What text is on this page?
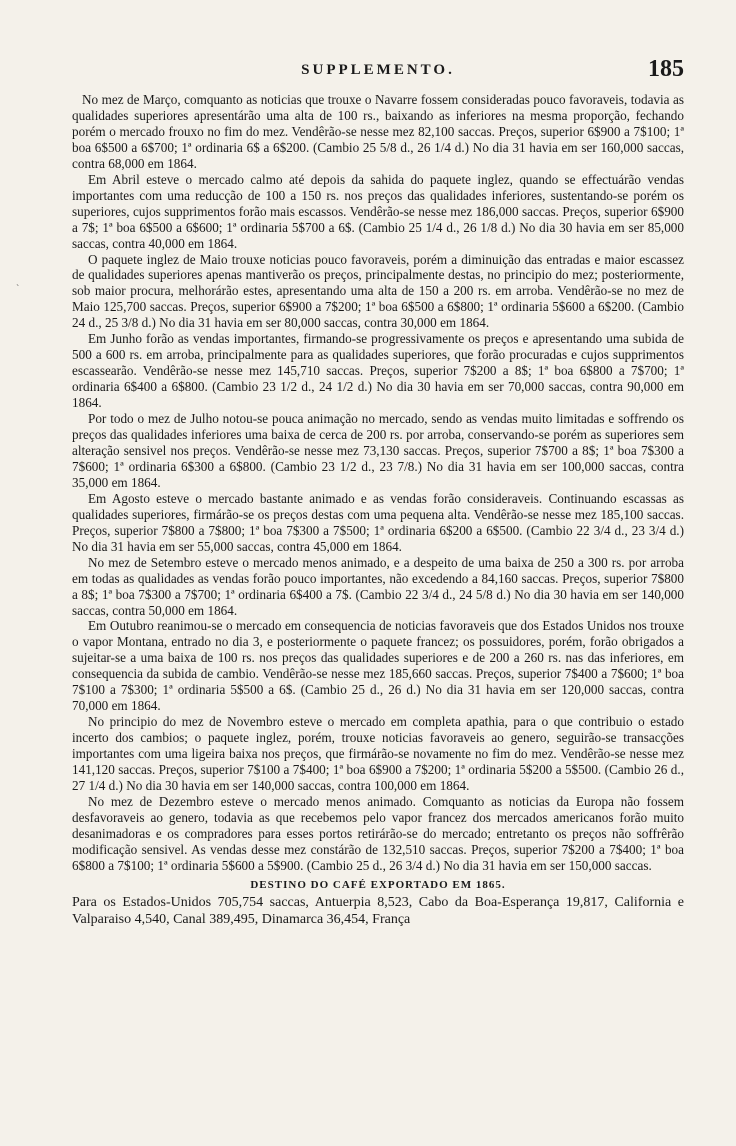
SUPPLEMENTO.	185
`

No mez de Março, comquanto as noticias que trouxe o Navarre fossem consideradas pouco favoraveis, todavia as qualidades superiores apresentárão uma alta de 100 rs., baixando as inferiores na mesma proporção, fechando porém o mercado frouxo no fim do mez. Vendêrão-se nesse mez 82,100 saccas. Preços, superior 6$900 a 7$100; 1ª boa 6$500 a 6$700; 1ª ordinaria 6$ a 6$200. (Cambio 25 5/8 d., 26 1/4 d.) No dia 31 havia em ser 160,000 saccas, contra 68,000 em 1864.

Em Abril esteve o mercado calmo até depois da sahida do paquete inglez, quando se effectuárão vendas importantes com uma reducção de 100 a 150 rs. nos preços das qualidades inferiores, sustentando-se porém os superiores, cujos supprimentos forão mais escassos. Vendêrão-se nesse mez 186,000 saccas. Preços, superior 6$900 a 7$; 1ª boa 6$500 a 6$600; 1ª ordinaria 5$700 a 6$. (Cambio 25 1/4 d., 26 1/8 d.) No dia 30 havia em ser 85,000 saccas, contra 40,000 em 1864.

O paquete inglez de Maio trouxe noticias pouco favoraveis, porém a diminuição das entradas e maior escassez de qualidades superiores apenas mantiverão os preços, principalmente destas, no principio do mez; posteriormente, sob maior procura, melhorárão estes, apresentando uma alta de 150 a 200 rs. em arroba. Vendêrão-se no mez de Maio 125,700 saccas. Preços, superior 6$900 a 7$200; 1ª boa 6$500 a 6$800; 1ª ordinaria 5$600 a 6$200. (Cambio 24 d., 25 3/8 d.) No dia 31 havia em ser 80,000 saccas, contra 30,000 em 1864.

Em Junho forão as vendas importantes, firmando-se progressivamente os preços e apresentando uma subida de 500 a 600 rs. em arroba, principalmente para as qualidades superiores, que forão procuradas e cujos supprimentos escassearão. Vendêrão-se nesse mez 145,710 saccas. Preços, superior 7$200 a 8$; 1ª boa 6$800 a 7$700; 1ª ordinaria 6$400 a 6$800. (Cambio 23 1/2 d., 24 1/2 d.) No dia 30 havia em ser 70,000 saccas, contra 90,000 em 1864.

Por todo o mez de Julho notou-se pouca animação no mercado, sendo as vendas muito limitadas e soffrendo os preços das qualidades inferiores uma baixa de cerca de 200 rs. por arroba, conservando-se porém as superiores sem alteração sensivel nos preços. Vendêrão-se nesse mez 73,130 saccas. Preços, superior 7$700 a 8$; 1ª boa 7$300 a 7$600; 1ª ordinaria 6$300 a 6$800. (Cambio 23 1/2 d., 23 7/8.) No dia 31 havia em ser 100,000 saccas, contra 35,000 em 1864.

Em Agosto esteve o mercado bastante animado e as vendas forão consideraveis. Continuando escassas as qualidades superiores, firmárão-se os preços destas com uma pequena alta. Vendêrão-se nesse mez 185,100 saccas. Preços, superior 7$800 a 7$800; 1ª boa 7$300 a 7$500; 1ª ordinaria 6$200 a 6$500. (Cambio 22 3/4 d., 23 3/4 d.) No dia 31 havia em ser 55,000 saccas, contra 45,000 em 1864.

No mez de Setembro esteve o mercado menos animado, e a despeito de uma baixa de 250 a 300 rs. por arroba em todas as qualidades as vendas forão pouco importantes, não excedendo a 84,160 saccas. Preços, superior 7$800 a 8$; 1ª boa 7$300 a 7$700; 1ª ordinaria 6$400 a 7$. (Cambio 22 3/4 d., 24 5/8 d.) No dia 30 havia em ser 140,000 saccas, contra 50,000 em 1864.

Em Outubro reanimou-se o mercado em consequencia de noticias favoraveis que dos Estados Unidos nos trouxe o vapor Montana, entrado no dia 3, e posteriormente o paquete francez; os possuidores, porém, forão obrigados a sujeitar-se a uma baixa de 100 rs. nos preços das qualidades superiores e de 200 a 260 rs. nas das inferiores, em consequencia da subida de cambio. Vendêrão-se nesse mez 185,660 saccas. Preços, superior 7$400 a 7$600; 1ª boa 7$100 a 7$300; 1ª ordinaria 5$500 a 6$. (Cambio 25 d., 26 d.) No dia 31 havia em ser 120,000 saccas, contra 70,000 em 1864.

No principio do mez de Novembro esteve o mercado em completa apathia, para o que contribuio o estado incerto dos cambios; o paquete inglez, porém, trouxe noticias favoraveis ao genero, seguirão-se transacções importantes com uma ligeira baixa nos preços, que firmárão-se novamente no fim do mez. Vendêrão-se nesse mez 141,120 saccas. Preços, superior 7$100 a 7$400; 1ª boa 6$900 a 7$200; 1ª ordinaria 5$200 a 5$500. (Cambio 26 d., 27 1/4 d.) No dia 30 havia em ser 140,000 saccas, contra 100,000 em 1864.

No mez de Dezembro esteve o mercado menos animado. Comquanto as noticias da Europa não fossem desfavoraveis ao genero, todavia as que recebemos pelo vapor francez dos mercados americanos forão muito desanimadoras e os compradores para esses portos retirárão-se do mercado; entretanto os preços não soffrêrão modificação sensivel. As vendas desse mez constárão de 132,510 saccas. Preços, superior 7$200 a 7$400; 1ª boa 6$800 a 7$100; 1ª ordinaria 5$600 a 5$900. (Cambio 25 d., 26 3/4 d.) No dia 31 havia em ser 150,000 saccas.

DESTINO DO CAFÉ EXPORTADO EM 1865.

Para os Estados-Unidos 705,754 saccas, Antuerpia 8,523, Cabo da Boa-Esperança 19,817, California e Valparaiso 4,540, Canal 389,495, Dinamarca 36,454, França
